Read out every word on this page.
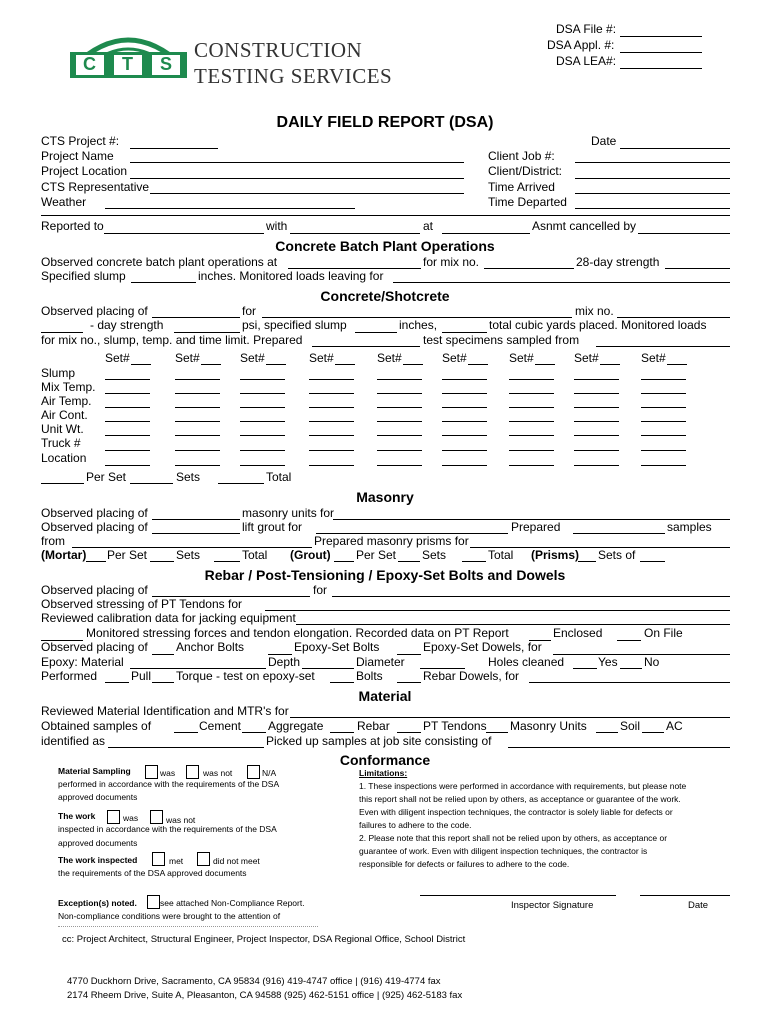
C T S
CONSTRUCTION
TESTING SERVICES
DSA File #:
DSA Appl. #:
DSA LEA#:
DAILY FIELD REPORT (DSA)
CTS Project #:	Date
Project Name	Client Job #:
Project Location	Client/District:
CTS Representative	Time Arrived
Weather	Time Departed
Reported to	with	at	Asnmt cancelled by
Concrete Batch Plant Operations
Observed concrete batch plant operations at	for mix no.	28-day strength
Specified slump	inches. Monitored loads leaving for
Concrete/Shotcrete
Observed placing of	for	mix no.
- day strength	psi, specified slump	inches,	total cubic yards placed. Monitored loads
for mix no., slump, temp. and time limit. Prepared	test specimens sampled from
Set#	Set#	Set#	Set#	Set#	Set#	Set#	Set#	Set#
Slump
Mix Temp.
Air Temp.
Air Cont.
Unit Wt.
Truck #
Location
Per Set	Sets	Total
Masonry
Observed placing of	masonry units for
Observed placing of	lift grout for	Prepared	samples
from	Prepared masonry prisms for
(Mortar) Per Set Sets	Total (Grout) Per Set Sets	Total (Prisms) Sets of
Rebar / Post-Tensioning / Epoxy-Set Bolts and Dowels
Observed placing of	for
Observed stressing of PT Tendons for
Reviewed calibration data for jacking equipment
Monitored stressing forces and tendon elongation. Recorded data on PT Report	Enclosed	On File
Observed placing of Anchor Bolts	Epoxy-Set Bolts	Epoxy-Set Dowels, for
Epoxy: Material	Depth	Diameter	Holes cleaned	Yes No
Performed	Pull Torque - test on epoxy-set	Bolts	Rebar Dowels, for
Material
Reviewed Material Identification and MTR's for
Obtained samples of	Cement Aggregate	Rebar	PT Tendons Masonry Units	Soil AC
identified as	Picked up samples at job site consisting of
Conformance
Material Sampling	was	was not	N/A
performed in accordance with the requirements of the DSA
approved documents
The work	was	was not
inspected in accordance with the requirements of the DSA
approved documents
The work inspected	met	did not meet
the requirements of the DSA approved documents
Exception(s) noted.	see attached Non-Compliance Report.
Non-compliance conditions were brought to the attention of
Limitations:
1. These inspections were performed in accordance with requirements, but please note
this report shall not be relied upon by others, as acceptance or guarantee of the work.
Even with diligent inspection techniques, the contractor is solely liable for defects or
failures to adhere to the code.
2. Please note that this report shall not be relied upon by others, as acceptance or
guarantee of work. Even with diligent inspection techniques, the contractor is
responsible for defects or failures to adhere to the code.
Inspector Signature	Date
cc: Project Architect, Structural Engineer, Project Inspector, DSA Regional Office, School District
4770 Duckhorn Drive, Sacramento, CA 95834 (916) 419-4747 office | (916) 419-4774 fax
2174 Rheem Drive, Suite A, Pleasanton, CA 94588 (925) 462-5151 office | (925) 462-5183 fax
